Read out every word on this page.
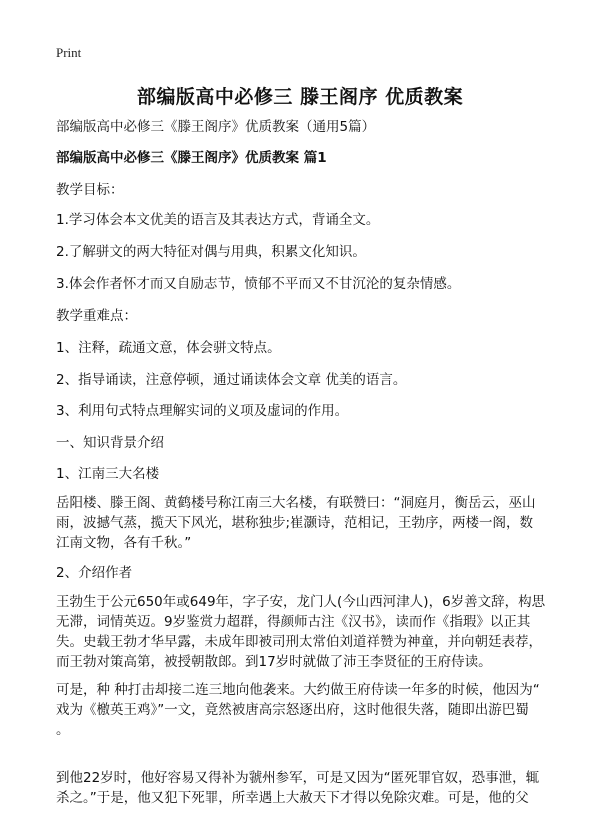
Print
部编版高中必修三 滕王阁序 优质教案
部编版高中必修三《滕王阁序》优质教案（通用5篇）
部编版高中必修三《滕王阁序》优质教案 篇1
教学目标：
1.学习体会本文优美的语言及其表达方式，背诵全文。
2.了解骈文的两大特征对偶与用典，积累文化知识。
3.体会作者怀才而又自励志节，愤郁不平而又不甘沉沦的复杂情感。
教学重难点：
1、注释，疏通文意，体会骈文特点。
2、指导诵读，注意停顿，通过诵读体会文章 优美的语言。
3、利用句式特点理解实词的义项及虚词的作用。
一、知识背景介绍
1、江南三大名楼
岳阳楼、滕王阁、黄鹤楼号称江南三大名楼，有联赞曰：“洞庭月，衡岳云，巫山
雨，波撼气蒸，揽天下风光，堪称独步;崔灏诗，范相记，王勃序，两楼一阁，数
江南文物，各有千秋。”
2、介绍作者
王勃生于公元650年或649年，字子安，龙门人(今山西河津人)，6岁善文辞，构思
无滞，词情英迈。9岁鉴赏力超群，得颜师古注《汉书》，读而作《指瑕》以正其
失。史载王勃才华早露，未成年即被司刑太常伯刘道祥赞为神童，并向朝廷表荐，
而王勃对策高第，被授朝散郎。到17岁时就做了沛王李贤征的王府侍读。
可是，种 种打击却接二连三地向他袭来。大约做王府侍读一年多的时候，他因为“
戏为《檄英王鸡》”一文，竟然被唐高宗怒逐出府，这时他很失落，随即出游巴蜀
。
到他22岁时，他好容易又得补为虢州参军，可是又因为“匿死罪官奴，恐事泄，辄
杀之。”于是，他又犯下死罪，所幸遇上大赦天下才得以免除灾难。可是，他的父
